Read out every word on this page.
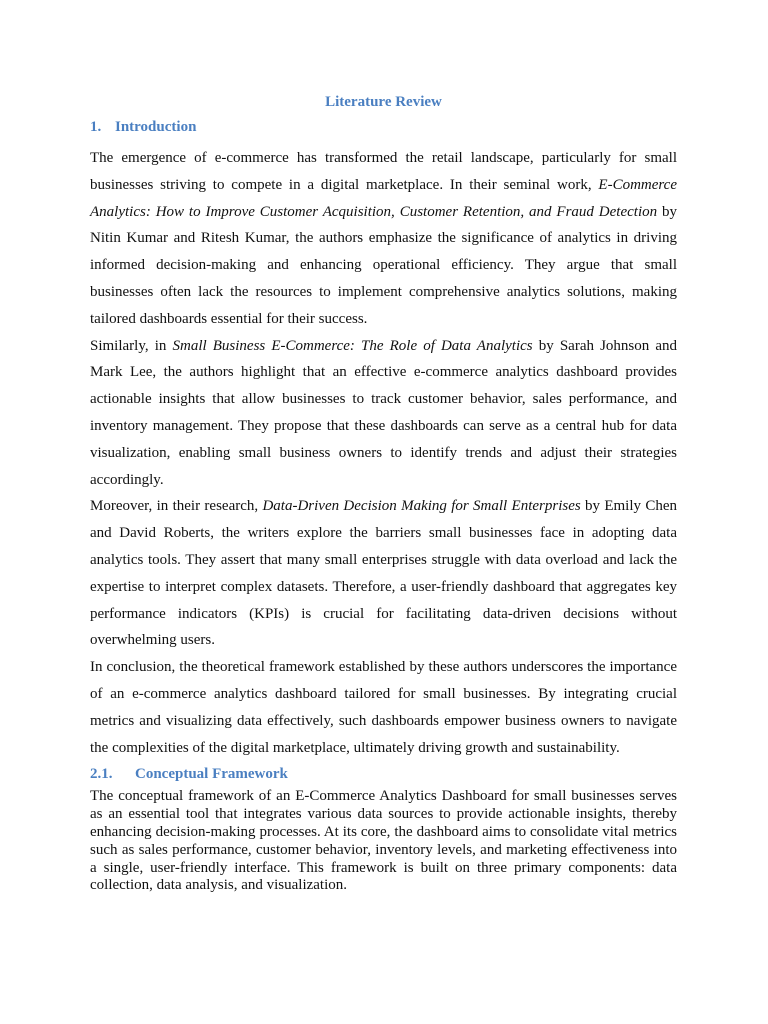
Literature Review
1. Introduction

The emergence of e-commerce has transformed the retail landscape, particularly for small businesses striving to compete in a digital marketplace. In their seminal work, E-Commerce Analytics: How to Improve Customer Acquisition, Customer Retention, and Fraud Detection by Nitin Kumar and Ritesh Kumar, the authors emphasize the significance of analytics in driving informed decision-making and enhancing operational efficiency. They argue that small businesses often lack the resources to implement comprehensive analytics solutions, making tailored dashboards essential for their success.

Similarly, in Small Business E-Commerce: The Role of Data Analytics by Sarah Johnson and Mark Lee, the authors highlight that an effective e-commerce analytics dashboard provides actionable insights that allow businesses to track customer behavior, sales performance, and inventory management. They propose that these dashboards can serve as a central hub for data visualization, enabling small business owners to identify trends and adjust their strategies accordingly.

Moreover, in their research, Data-Driven Decision Making for Small Enterprises by Emily Chen and David Roberts, the writers explore the barriers small businesses face in adopting data analytics tools. They assert that many small enterprises struggle with data overload and lack the expertise to interpret complex datasets. Therefore, a user-friendly dashboard that aggregates key performance indicators (KPIs) is crucial for facilitating data-driven decisions without overwhelming users.

In conclusion, the theoretical framework established by these authors underscores the importance of an e-commerce analytics dashboard tailored for small businesses. By integrating crucial metrics and visualizing data effectively, such dashboards empower business owners to navigate the complexities of the digital marketplace, ultimately driving growth and sustainability.

2.1. Conceptual Framework

The conceptual framework of an E-Commerce Analytics Dashboard for small businesses serves as an essential tool that integrates various data sources to provide actionable insights, thereby enhancing decision-making processes. At its core, the dashboard aims to consolidate vital metrics such as sales performance, customer behavior, inventory levels, and marketing effectiveness into a single, user-friendly interface. This framework is built on three primary components: data collection, data analysis, and visualization.
